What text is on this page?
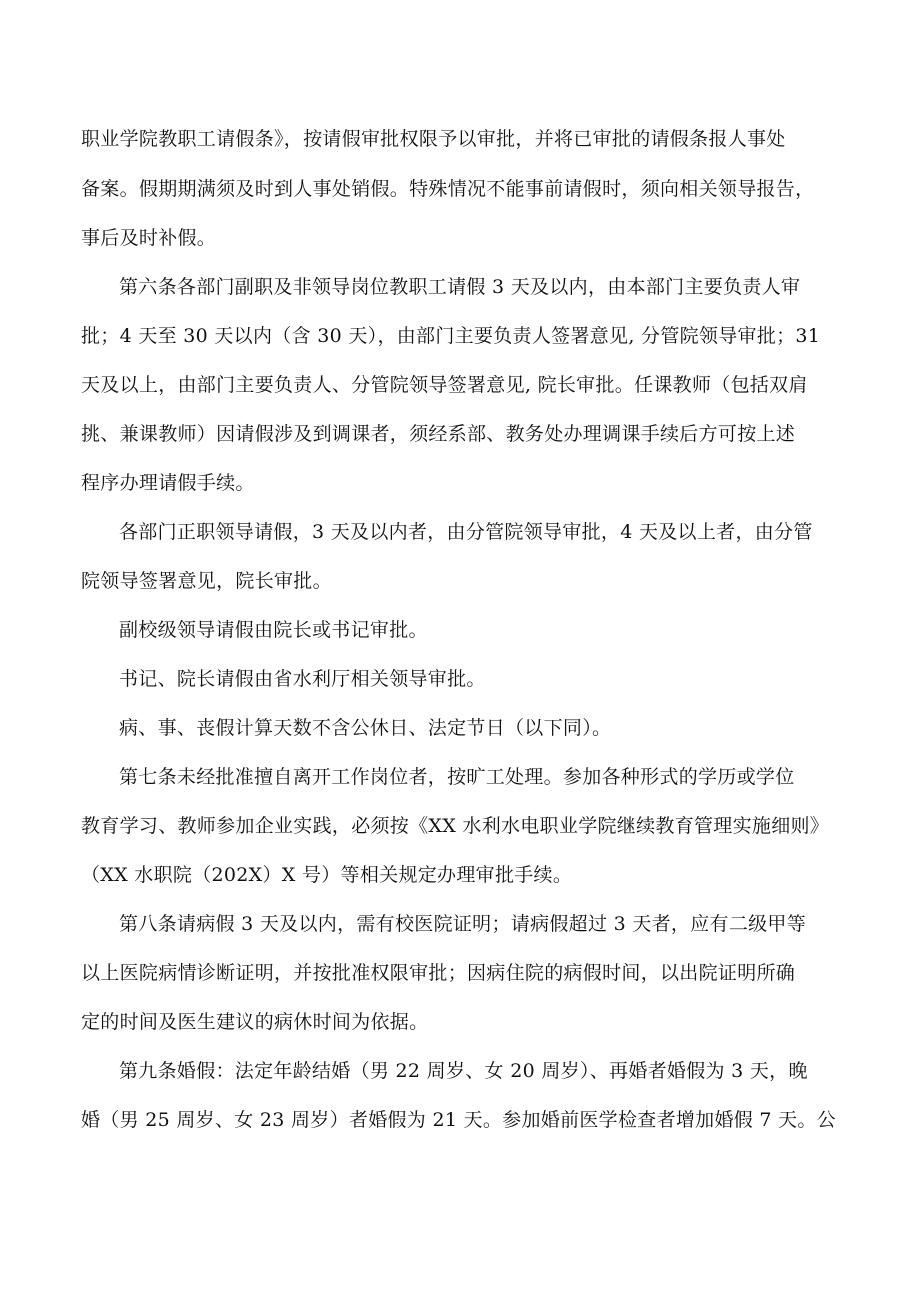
职业学院教职工请假条》，按请假审批权限予以审批，并将已审批的请假条报人事处
备案。假期期满须及时到人事处销假。特殊情况不能事前请假时，须向相关领导报告，
事后及时补假。
第六条各部门副职及非领导岗位教职工请假 3 天及以内，由本部门主要负责人审
批；4 天至 30 天以内（含 30 天），由部门主要负责人签署意见, 分管院领导审批；31
天及以上，由部门主要负责人、分管院领导签署意见, 院长审批。任课教师（包括双肩
挑、兼课教师）因请假涉及到调课者，须经系部、教务处办理调课手续后方可按上述
程序办理请假手续。
各部门正职领导请假，3 天及以内者，由分管院领导审批，4 天及以上者，由分管
院领导签署意见，院长审批。
副校级领导请假由院长或书记审批。
书记、院长请假由省水利厅相关领导审批。
病、事、丧假计算天数不含公休日、法定节日（以下同）。
第七条未经批准擅自离开工作岗位者，按旷工处理。参加各种形式的学历或学位
教育学习、教师参加企业实践，必须按《XX 水利水电职业学院继续教育管理实施细则》
（XX 水职院（202X）X 号）等相关规定办理审批手续。
第八条请病假 3 天及以内，需有校医院证明；请病假超过 3 天者，应有二级甲等
以上医院病情诊断证明，并按批准权限审批；因病住院的病假时间，以出院证明所确
定的时间及医生建议的病休时间为依据。
第九条婚假：法定年龄结婚（男 22 周岁、女 20 周岁）、再婚者婚假为 3 天，晚
婚（男 25 周岁、女 23 周岁）者婚假为 21 天。参加婚前医学检查者增加婚假 7 天。公
